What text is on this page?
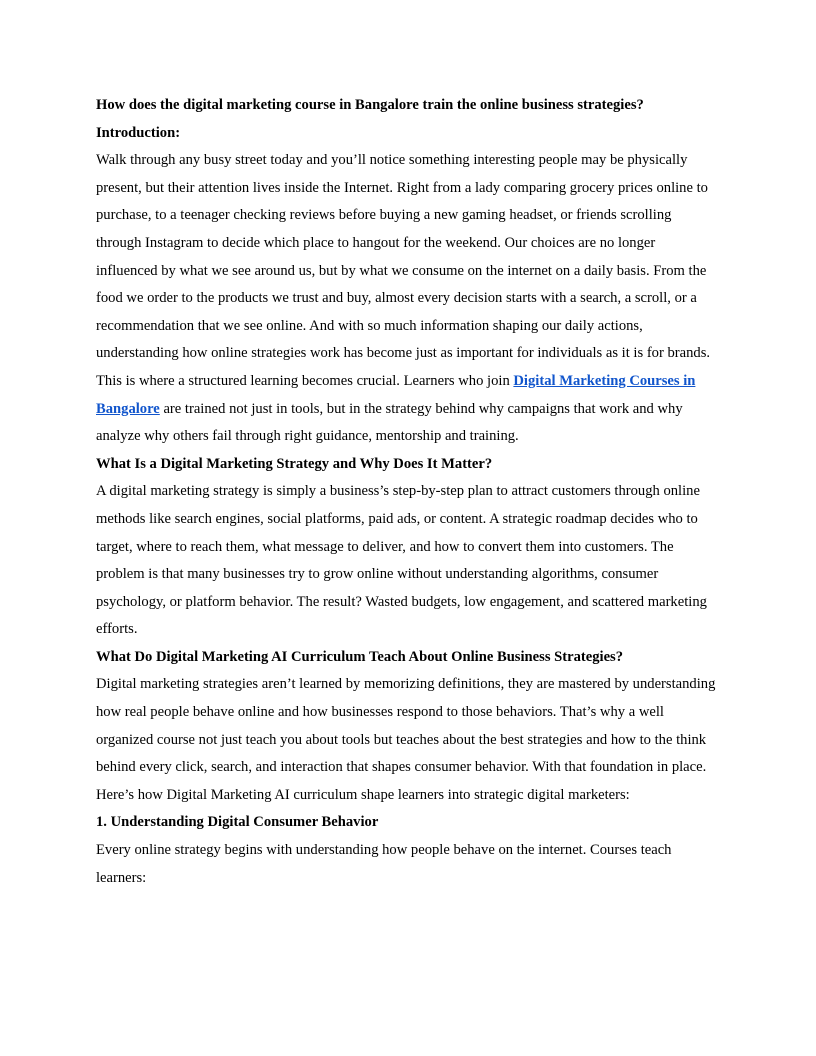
How does the digital marketing course in Bangalore train the online business strategies?

Introduction:

Walk through any busy street today and you’ll notice something interesting people may be physically present, but their attention lives inside the Internet. Right from a lady comparing grocery prices online to purchase, to a teenager checking reviews before buying a new gaming headset, or friends scrolling through Instagram to decide which place to hangout for the weekend. Our choices are no longer influenced by what we see around us, but by what we consume on the internet on a daily basis. From the food we order to the products we trust and buy, almost every decision starts with a search, a scroll, or a recommendation that we see online. And with so much information shaping our daily actions, understanding how online strategies work has become just as important for individuals as it is for brands.

This is where a structured learning becomes crucial. Learners who join Digital Marketing Courses in Bangalore are trained not just in tools, but in the strategy behind why campaigns that work and why analyze why others fail through right guidance, mentorship and training.

What Is a Digital Marketing Strategy and Why Does It Matter?

A digital marketing strategy is simply a business’s step-by-step plan to attract customers through online methods like search engines, social platforms, paid ads, or content. A strategic roadmap decides who to target, where to reach them, what message to deliver, and how to convert them into customers. The problem is that many businesses try to grow online without understanding algorithms, consumer psychology, or platform behavior. The result? Wasted budgets, low engagement, and scattered marketing efforts.

What Do Digital Marketing AI Curriculum Teach About Online Business Strategies?

Digital marketing strategies aren’t learned by memorizing definitions, they are mastered by understanding how real people behave online and how businesses respond to those behaviors. That’s why a well organized course not just teach you about tools but teaches about the best strategies and how to the think behind every click, search, and interaction that shapes consumer behavior. With that foundation in place.

Here’s how Digital Marketing AI curriculum shape learners into strategic digital marketers:

1. Understanding Digital Consumer Behavior

Every online strategy begins with understanding how people behave on the internet. Courses teach learners:
